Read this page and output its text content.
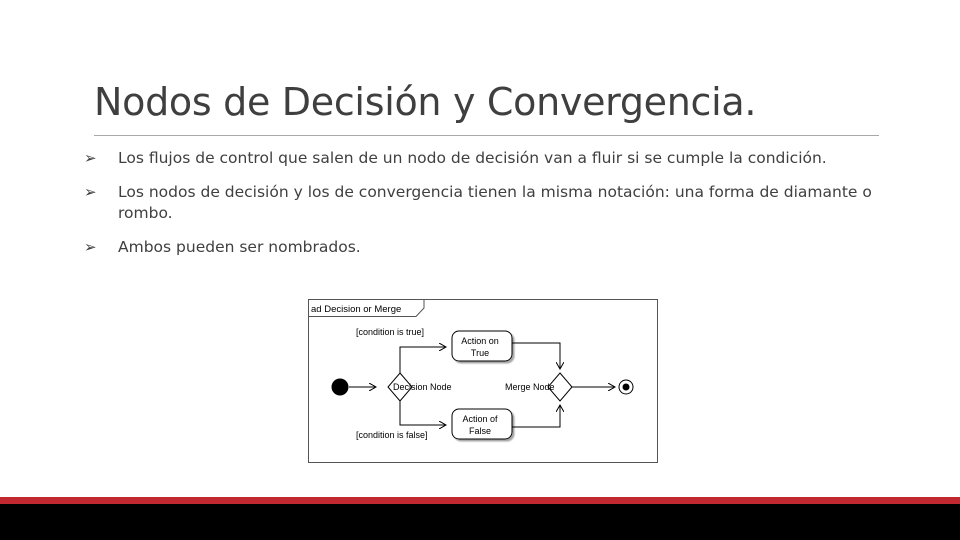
Nodos de Decisión y Convergencia.
➢ Los flujos de control que salen de un nodo de decisión van a fluir si se cumple la condición.
➢ Los nodos de decisión y los de convergencia tienen la misma notación: una forma de diamante o rombo.
➢ Ambos pueden ser nombrados.
ad Decision or Merge
Decision Node
[condition is true]
Action on
True
[condition is false]
Action of
False
Merge Node
